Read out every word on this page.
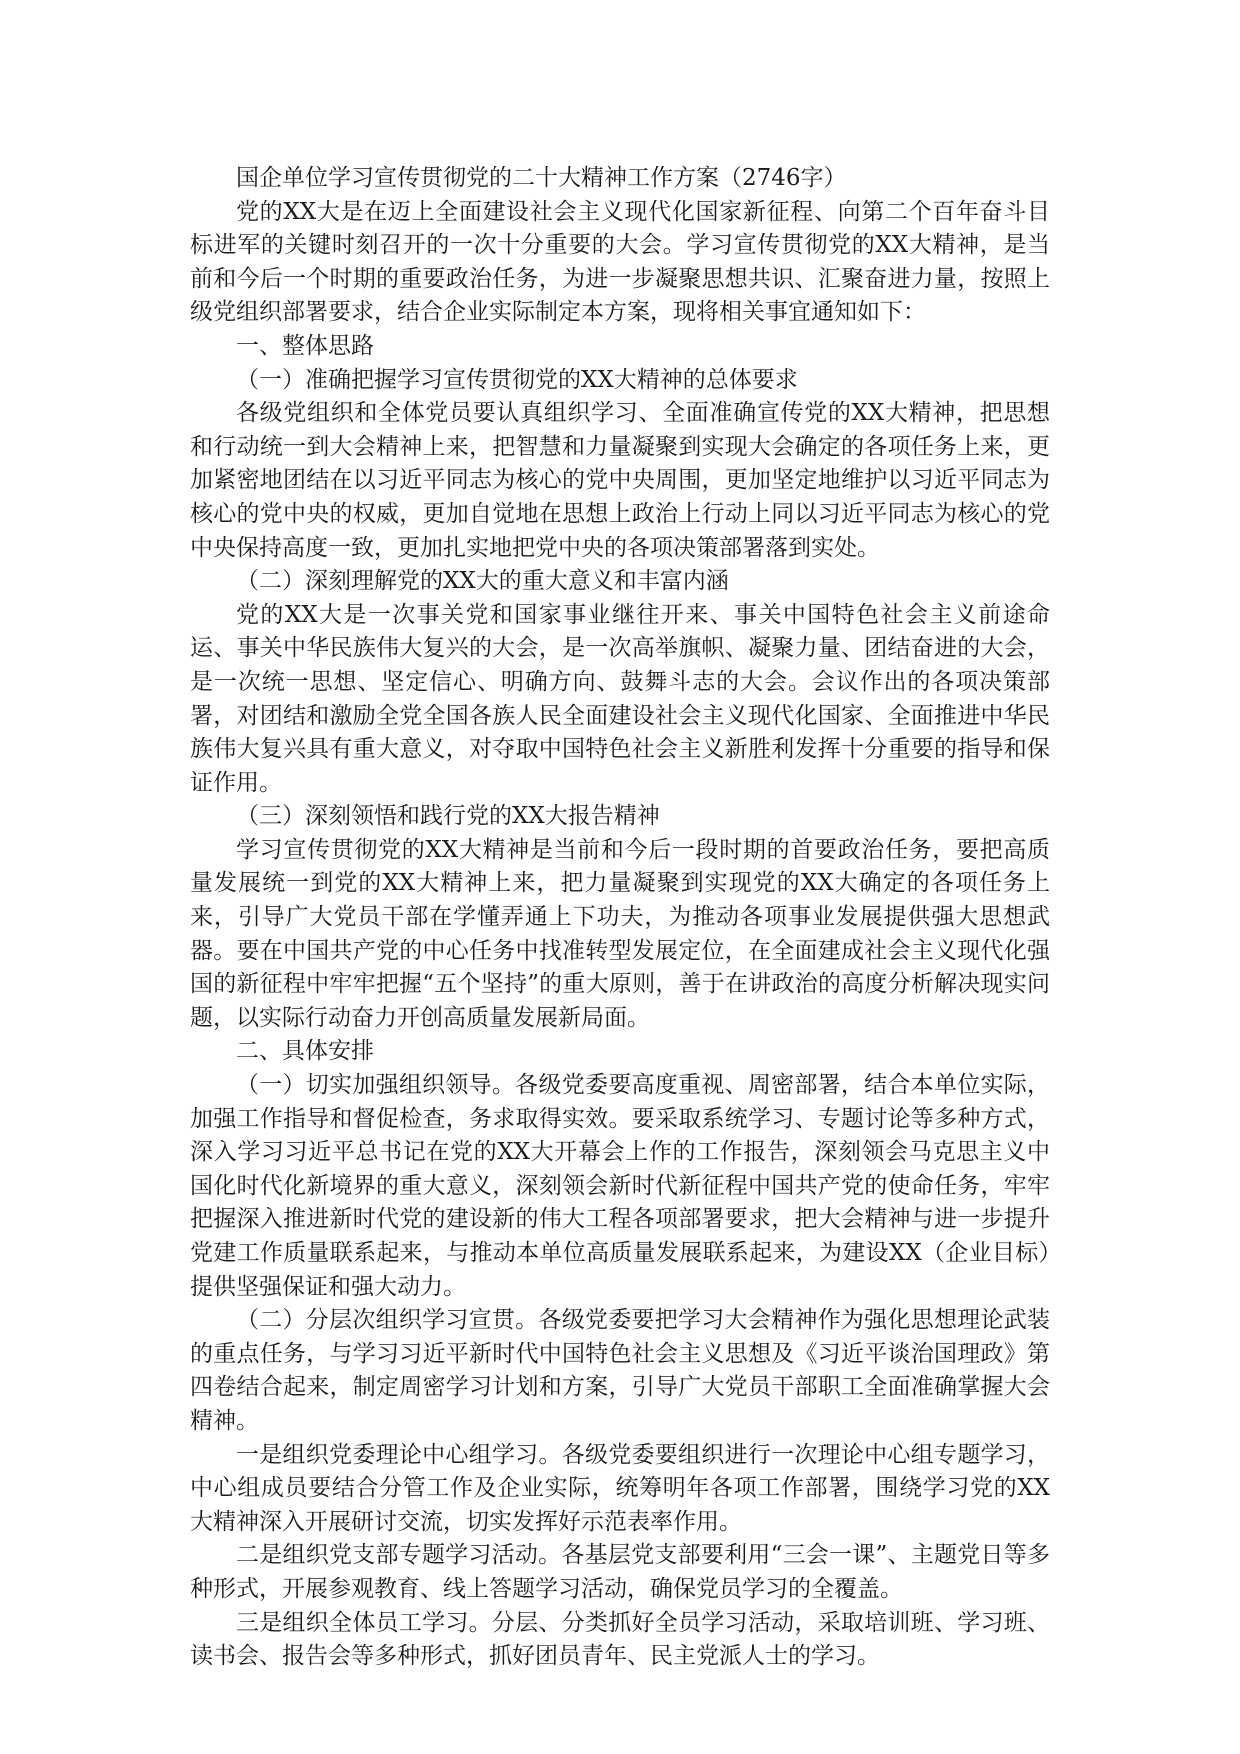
国企单位学习宣传贯彻党的二十大精神工作方案（2746字）

党的XX大是在迈上全面建设社会主义现代化国家新征程、向第二个百年奋斗目标进军的关键时刻召开的一次十分重要的大会。学习宣传贯彻党的XX大精神，是当前和今后一个时期的重要政治任务，为进一步凝聚思想共识、汇聚奋进力量，按照上级党组织部署要求，结合企业实际制定本方案，现将相关事宜通知如下：

一、整体思路

（一）准确把握学习宣传贯彻党的XX大精神的总体要求

各级党组织和全体党员要认真组织学习、全面准确宣传党的XX大精神，把思想和行动统一到大会精神上来，把智慧和力量凝聚到实现大会确定的各项任务上来，更加紧密地团结在以习近平同志为核心的党中央周围，更加坚定地维护以习近平同志为核心的党中央的权威，更加自觉地在思想上政治上行动上同以习近平同志为核心的党中央保持高度一致，更加扎实地把党中央的各项决策部署落到实处。

（二）深刻理解党的XX大的重大意义和丰富内涵

党的XX大是一次事关党和国家事业继往开来、事关中国特色社会主义前途命运、事关中华民族伟大复兴的大会，是一次高举旗帜、凝聚力量、团结奋进的大会，是一次统一思想、坚定信心、明确方向、鼓舞斗志的大会。会议作出的各项决策部署，对团结和激励全党全国各族人民全面建设社会主义现代化国家、全面推进中华民族伟大复兴具有重大意义，对夺取中国特色社会主义新胜利发挥十分重要的指导和保证作用。

（三）深刻领悟和践行党的XX大报告精神

学习宣传贯彻党的XX大精神是当前和今后一段时期的首要政治任务，要把高质量发展统一到党的XX大精神上来，把力量凝聚到实现党的XX大确定的各项任务上来，引导广大党员干部在学懂弄通上下功夫，为推动各项事业发展提供强大思想武器。要在中国共产党的中心任务中找准转型发展定位，在全面建成社会主义现代化强国的新征程中牢牢把握“五个坚持”的重大原则，善于在讲政治的高度分析解决现实问题，以实际行动奋力开创高质量发展新局面。

二、具体安排

（一）切实加强组织领导。各级党委要高度重视、周密部署，结合本单位实际，加强工作指导和督促检查，务求取得实效。要采取系统学习、专题讨论等多种方式，深入学习习近平总书记在党的XX大开幕会上作的工作报告，深刻领会马克思主义中国化时代化新境界的重大意义，深刻领会新时代新征程中国共产党的使命任务，牢牢把握深入推进新时代党的建设新的伟大工程各项部署要求，把大会精神与进一步提升党建工作质量联系起来，与推动本单位高质量发展联系起来，为建设XX（企业目标）提供坚强保证和强大动力。

（二）分层次组织学习宣贯。各级党委要把学习大会精神作为强化思想理论武装的重点任务，与学习习近平新时代中国特色社会主义思想及《习近平谈治国理政》第四卷结合起来，制定周密学习计划和方案，引导广大党员干部职工全面准确掌握大会精神。

一是组织党委理论中心组学习。各级党委要组织进行一次理论中心组专题学习，中心组成员要结合分管工作及企业实际，统筹明年各项工作部署，围绕学习党的XX大精神深入开展研讨交流，切实发挥好示范表率作用。

二是组织党支部专题学习活动。各基层党支部要利用“三会一课”、主题党日等多种形式，开展参观教育、线上答题学习活动，确保党员学习的全覆盖。

三是组织全体员工学习。分层、分类抓好全员学习活动，采取培训班、学习班、读书会、报告会等多种形式，抓好团员青年、民主党派人士的学习。
